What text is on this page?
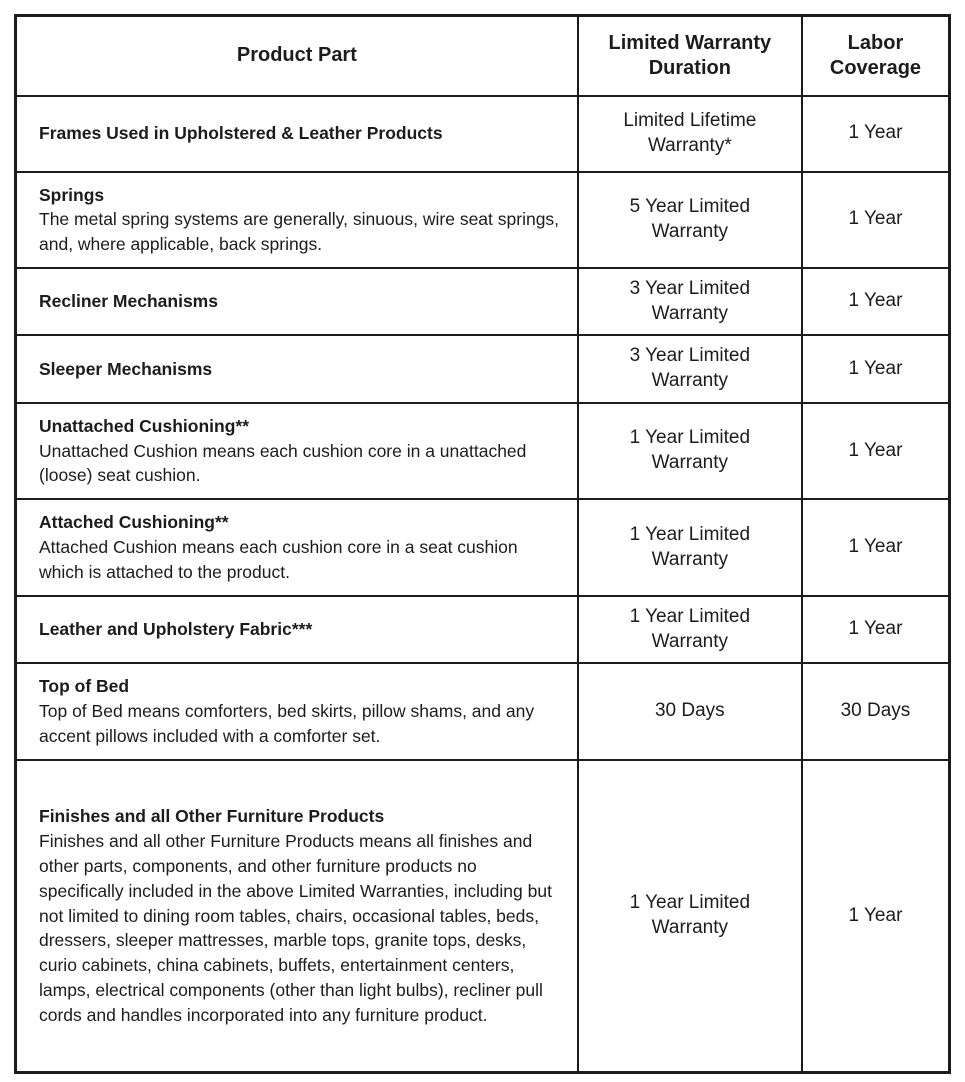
Product Part	Limited Warranty Duration	Labor Coverage

Frames Used in Upholstered & Leather Products	Limited Lifetime Warranty*	1 Year

Springs
The metal spring systems are generally, sinuous, wire seat springs, and, where applicable, back springs.	5 Year Limited Warranty	1 Year

Recliner Mechanisms	3 Year Limited Warranty	1 Year

Sleeper Mechanisms	3 Year Limited Warranty	1 Year

Unattached Cushioning**
Unattached Cushion means each cushion core in a unattached (loose) seat cushion.	1 Year Limited Warranty	1 Year

Attached Cushioning**
Attached Cushion means each cushion core in a seat cushion which is attached to the product.	1 Year Limited Warranty	1 Year

Leather and Upholstery Fabric***	1 Year Limited Warranty	1 Year

Top of Bed
Top of Bed means comforters, bed skirts, pillow shams, and any accent pillows included with a comforter set.	30 Days	30 Days

Finishes and all Other Furniture Products
Finishes and all other Furniture Products means all finishes and other parts, components, and other furniture products no specifically included in the above Limited Warranties, including but not limited to dining room tables, chairs, occasional tables, beds, dressers, sleeper mattresses, marble tops, granite tops, desks, curio cabinets, china cabinets, buffets, entertainment centers, lamps, electrical components (other than light bulbs), recliner pull cords and handles incorporated into any furniture product.	1 Year Limited Warranty	1 Year
